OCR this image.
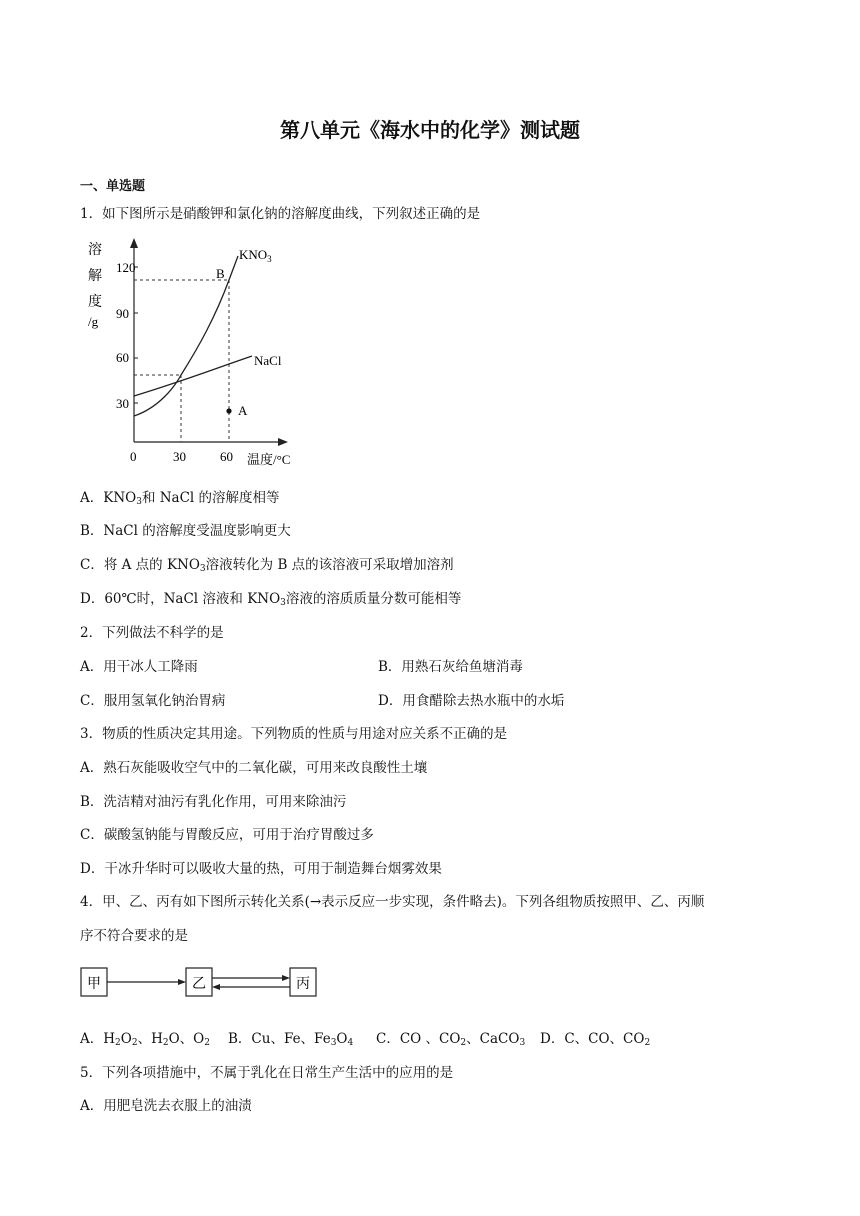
第八单元《海水中的化学》测试题
一、单选题
1．如下图所示是硝酸钾和氯化钠的溶解度曲线，下列叙述正确的是
溶
解
度
/g
120
90
60
30
0	30	60 温度/°C
$KNO_3$
B
NaCl
A
A．$KNO_3$和 NaCl 的溶解度相等
B．NaCl 的溶解度受温度影响更大
C．将 A 点的 $KNO_3$溶液转化为 B 点的该溶液可采取增加溶剂
D．60℃时，NaCl 溶液和 $KNO_3$溶液的溶质质量分数可能相等
2．下列做法不科学的是
A．用干冰人工降雨	B．用熟石灰给鱼塘消毒
C．服用氢氧化钠治胃病	D．用食醋除去热水瓶中的水垢
3．物质的性质决定其用途。下列物质的性质与用途对应关系不正确的是
A．熟石灰能吸收空气中的二氧化碳，可用来改良酸性土壤
B．洗洁精对油污有乳化作用，可用来除油污
C．碳酸氢钠能与胃酸反应，可用于治疗胃酸过多
D．干冰升华时可以吸收大量的热，可用于制造舞台烟雾效果
4．甲、乙、丙有如下图所示转化关系(→表示反应一步实现，条件略去)。下列各组物质按照甲、乙、丙顺
序不符合要求的是
甲	乙	丙
A．$H_2O_2$、$H_2O$、$O_2$ B．Cu、Fe、$Fe_3O_4$ C．CO 、$CO_2$、CaCO$_3$ D．C、CO、$CO_2$
5．下列各项措施中，不属于乳化在日常生产生活中的应用的是
A．用肥皂洗去衣服上的油渍
